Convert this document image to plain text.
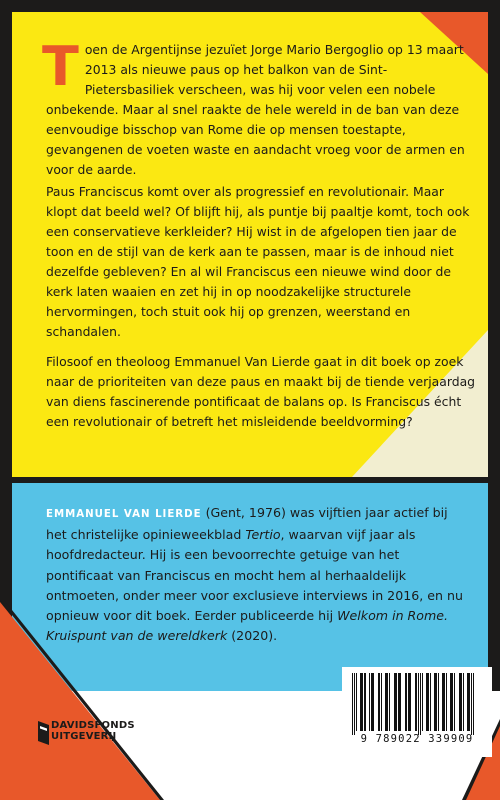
T oen de Argentijnse jezuïet Jorge Mario Bergoglio op 13 maart 2013 als nieuwe paus op het balkon van de Sint-Pietersbasiliek verscheen, was hij voor velen een nobele onbekende. Maar al snel raakte de hele wereld in de ban van deze eenvoudige bisschop van Rome die op mensen toestapte, gevangenen de voeten waste en aandacht vroeg voor de armen en voor de aarde.

Paus Franciscus komt over als progressief en revolutionair. Maar klopt dat beeld wel? Of blijft hij, als puntje bij paaltje komt, toch ook een conservatieve kerkleider? Hij wist in de afgelopen tien jaar de toon en de stijl van de kerk aan te passen, maar is de inhoud niet dezelfde gebleven? En al wil Franciscus een nieuwe wind door de kerk laten waaien en zet hij in op noodzakelijke structurele hervormingen, toch stuit ook hij op grenzen, weerstand en schandalen.

Filosoof en theoloog Emmanuel Van Lierde gaat in dit boek op zoek naar de prioriteiten van deze paus en maakt bij de tiende verjaardag van diens fascinerende pontificaat de balans op. Is Franciscus écht een revolutionair of betreft het misleidende beeldvorming?

EMMANUEL VAN LIERDE (Gent, 1976) was vijftien jaar actief bij het christelijke opinieweekblad Tertio, waarvan vijf jaar als hoofdredacteur. Hij is een bevoorrechte getuige van het pontificaat van Franciscus en mocht hem al herhaaldelijk ontmoeten, onder meer voor exclusieve interviews in 2016, en nu opnieuw voor dit boek. Eerder publiceerde hij Welkom in Rome. Kruispunt van de wereldkerk (2020).
DAVIDSFONDS
UITGEVERIJ	9 789022 339909
